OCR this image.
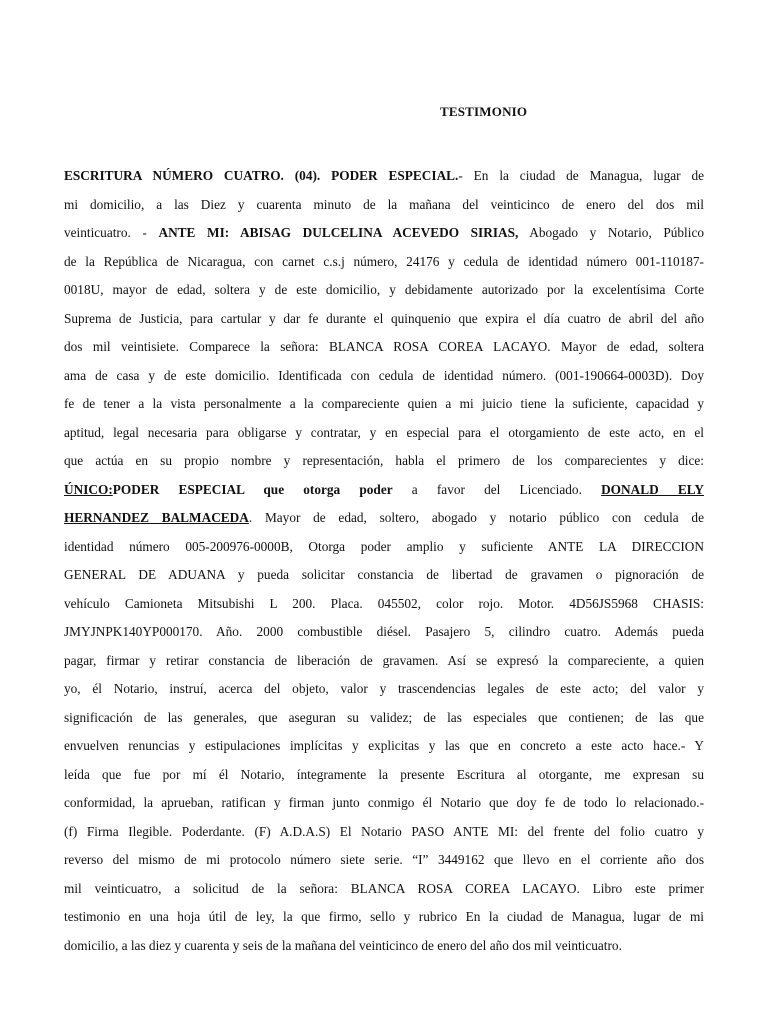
TESTIMONIO
ESCRITURA NÚMERO CUATRO. (04). PODER ESPECIAL.- En la ciudad de Managua, lugar de
mi domicilio, a las Diez y cuarenta minuto de la mañana del veinticinco de enero del dos mil
veinticuatro. - ANTE MI: ABISAG DULCELINA ACEVEDO SIRIAS, Abogado y Notario, Público
de la República de Nicaragua, con carnet c.s.j número, 24176 y cedula de identidad número 001-110187-
0018U, mayor de edad, soltera y de este domicilio, y debidamente autorizado por la excelentísima Corte
Suprema de Justicia, para cartular y dar fe durante el quinquenio que expira el día cuatro de abril del año
dos mil veintisiete. Comparece la señora: BLANCA ROSA COREA LACAYO. Mayor de edad, soltera
ama de casa y de este domicilio. Identificada con cedula de identidad número. (001-190664-0003D). Doy
fe de tener a la vista personalmente a la compareciente quien a mi juicio tiene la suficiente, capacidad y
aptitud, legal necesaria para obligarse y contratar, y en especial para el otorgamiento de este acto, en el
que actúa en su propio nombre y representación, habla el primero de los comparecientes y dice:
ÚNICO:PODER ESPECIAL que otorga poder a favor del Licenciado. DONALD ELY
HERNANDEZ BALMACEDA. Mayor de edad, soltero, abogado y notario público con cedula de
identidad número 005-200976-0000B, Otorga poder amplio y suficiente ANTE LA DIRECCION
GENERAL DE ADUANA y pueda solicitar constancia de libertad de gravamen o pignoración de
vehículo Camioneta Mitsubishi L 200. Placa. 045502, color rojo. Motor. 4D56JS5968 CHASIS:
JMYJNPK140YP000170. Año. 2000 combustible diésel. Pasajero 5, cilindro cuatro. Además pueda
pagar, firmar y retirar constancia de liberación de gravamen. Así se expresó la compareciente, a quien
yo, él Notario, instruí, acerca del objeto, valor y trascendencias legales de este acto; del valor y
significación de las generales, que aseguran su validez; de las especiales que contienen; de las que
envuelven renuncias y estipulaciones implícitas y explicitas y las que en concreto a este acto hace.- Y
leída que fue por mí él Notario, íntegramente la presente Escritura al otorgante, me expresan su
conformidad, la aprueban, ratifican y firman junto conmigo él Notario que doy fe de todo lo relacionado.-
(f) Firma Ilegible. Poderdante. (F) A.D.A.S) El Notario PASO ANTE MI: del frente del folio cuatro y
reverso del mismo de mi protocolo número siete serie. “I” 3449162 que llevo en el corriente año dos
mil veinticuatro, a solicitud de la señora: BLANCA ROSA COREA LACAYO. Libro este primer
testimonio en una hoja útil de ley, la que firmo, sello y rubrico En la ciudad de Managua, lugar de mi
domicilio, a las diez y cuarenta y seis de la mañana del veinticinco de enero del año dos mil veinticuatro.
